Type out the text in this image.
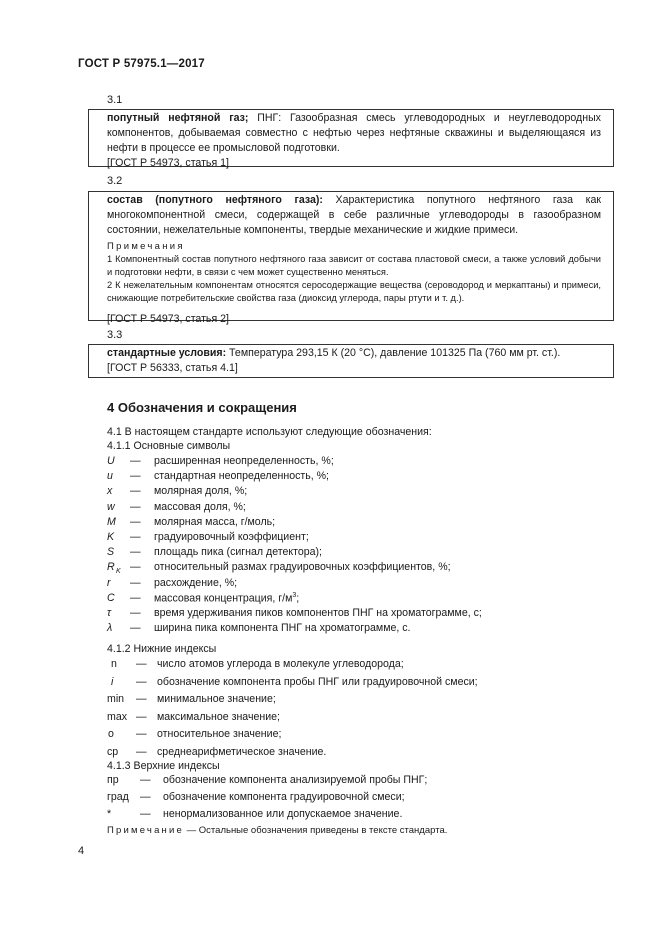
ГОСТ Р 57975.1—2017
3.1
попутный нефтяной газ; ПНГ: Газообразная смесь углеводородных и неуглеводородных компонентов, добываемая совместно с нефтью через нефтяные скважины и выделяющаяся из нефти в процессе ее промысловой подготовки.
[ГОСТ Р 54973, статья 1]
3.2
состав (попутного нефтяного газа): Характеристика попутного нефтяного газа как многокомпонентной смеси, содержащей в себе различные углеводороды в газообразном состоянии, нежелательные компоненты, твердые механические и жидкие примеси.
Примечания
1 Компонентный состав попутного нефтяного газа зависит от состава пластовой смеси, а также условий добычи и подготовки нефти, в связи с чем может существенно меняться.
2 К нежелательным компонентам относятся серосодержащие вещества (сероводород и меркаптаны) и примеси, снижающие потребительские свойства газа (диоксид углерода, пары ртути и т. д.).
[ГОСТ Р 54973, статья 2]
3.3
стандартные условия: Температура 293,15 К (20 °С), давление 101325 Па (760 мм рт. ст.).
[ГОСТ Р 56333, статья 4.1]
4 Обозначения и сокращения
4.1 В настоящем стандарте используют следующие обозначения:
4.1.1 Основные символы
U — расширенная неопределенность, %;
u — стандартная неопределенность, %;
x — молярная доля, %;
w — массовая доля, %;
M — молярная масса, г/моль;
K — градуировочный коэффициент;
S — площадь пика (сигнал детектора);
R $_K$ — относительный размах градуировочных коэффициентов, %;
r — расхождение, %;
C — массовая концентрация, $г/м^3$;
τ — время удерживания пиков компонентов ПНГ на хроматограмме, с;
λ — ширина пика компонента ПНГ на хроматограмме, с.
4.1.2 Нижние индексы
n — число атомов углерода в молекуле углеводорода;
i — обозначение компонента пробы ПНГ или градуировочной смеси;
min — минимальное значение;
max — максимальное значение;
о — относительное значение;
ср — среднеарифметическое значение.
4.1.3 Верхние индексы
пр — обозначение компонента анализируемой пробы ПНГ;
град — обозначение компонента градуировочной смеси;
*	— ненормализованное или допускаемое значение.
Примечание — Остальные обозначения приведены в тексте стандарта.
4
